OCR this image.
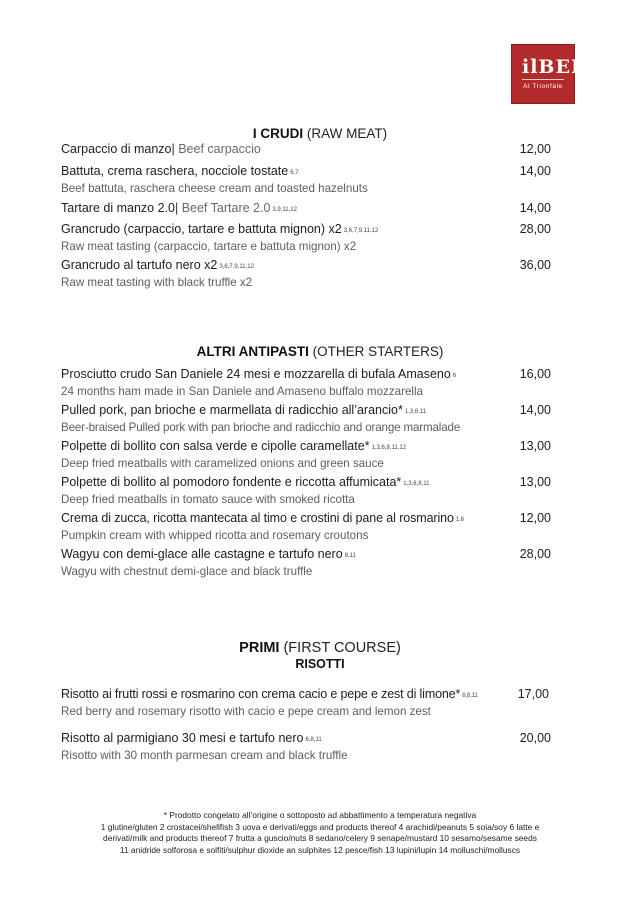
ilBELLI
Al Trionfale
I CRUDI (RAW MEAT)
Carpaccio di manzo| Beef carpaccio	12,00
Battuta, crema raschera, nocciole tostate 6,7
Beef battuta, raschera cheese cream and toasted hazelnuts
14,00
Tartare di manzo 2.0| Beef Tartare 2.0 3,9,11,12	14,00
Grancrudo (carpaccio, tartare e battuta mignon) x2 3,6,7,9,11,12
Raw meat tasting (carpaccio, tartare e battuta mignon) x2
28,00
Grancrudo al tartufo nero x2 3,6,7,9,11,12
Raw meat tasting with black truffle x2
36,00
ALTRI ANTIPASTI (OTHER STARTERS)
Prosciutto crudo San Daniele 24 mesi e mozzarella di bufala Amaseno 6
24 months ham made in San Daniele and Amaseno buffalo mozzarella
16,00
Pulled pork, pan brioche e marmellata di radicchio all’arancio* 1,3,6,11
Beer-braised Pulled pork with pan brioche and radicchio and orange marmalade
14,00
Polpette di bollito con salsa verde e cipolle caramellate* 1,3,6,8,11,12
Deep fried meatballs with caramelized onions and green sauce
13,00
Polpette di bollito al pomodoro fondente e riccotta affumicata* 1,3,6,8,11
Deep fried meatballs in tomato sauce with smoked ricotta
13,00
Crema di zucca, ricotta mantecata al timo e crostini di pane al rosmarino 1,6
Pumpkin cream with whipped ricotta and rosemary croutons
12,00
Wagyu con demi-glace alle castagne e tartufo nero 8,11
Wagyu with chestnut demi-glace and black truffle
28,00
PRIMI (FIRST COURSE)
RISOTTI
Risotto ai frutti rossi e rosmarino con crema cacio e pepe e zest di limone* 6,8,11
Red berry and rosemary risotto with cacio e pepe cream and lemon zest
17,00
Risotto al parmigiano 30 mesi e tartufo nero 6,8,11
Risotto with 30 month parmesan cream and black truffle
20,00
* Prodotto congelato all’origine o sottoposto ad abbattimento a temperatura negativa
1 glutine/gluten 2 crostacei/shellfish 3 uova e derivati/eggs and products thereof 4 arachidi/peanuts 5 soia/soy 6 latte e
derivati/milk and products thereof 7 frutta a guscio/nuts 8 sedano/celery 9 senape/mustard 10 sesamo/sesame seeds
11 anidride solforosa e solfiti/sulphur dioxide an sulphites 12 pesce/fish 13 lupini/lupin 14 molluschi/molluscs
